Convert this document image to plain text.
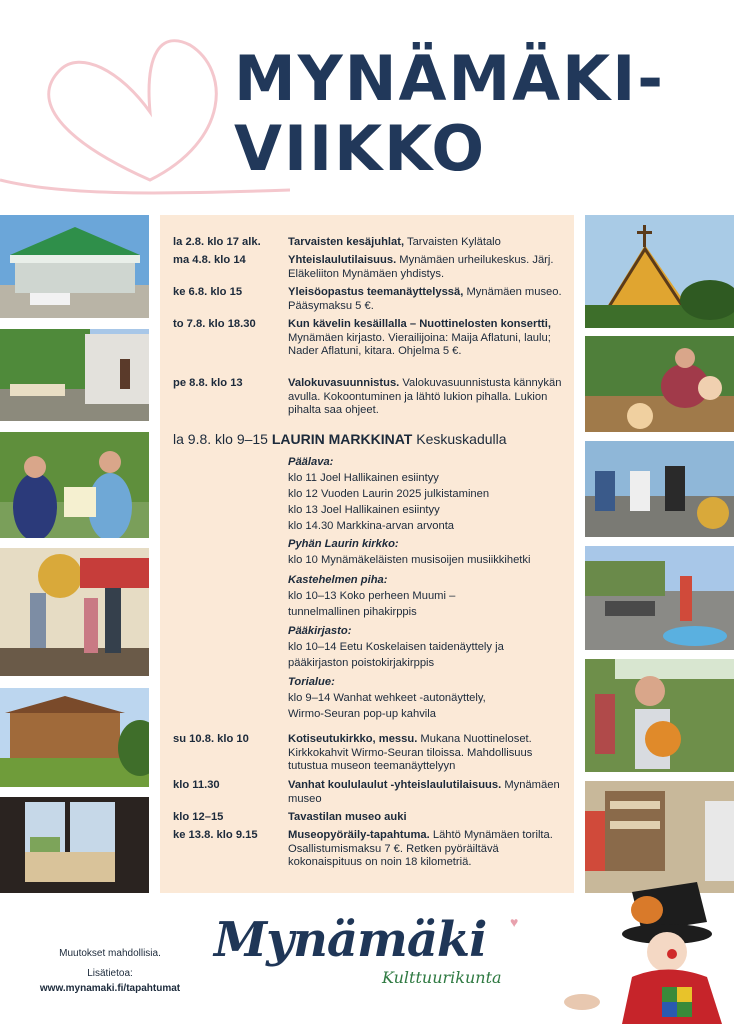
MYNÄMÄKI-
VIIKKO
la 2.8. klo 17 alk.	Tarvaisten kesäjuhlat, Tarvaisten Kylätalo
ma 4.8. klo 14	Yhteislaulutilaisuus. Mynämäen urheilukeskus. Järj. Eläkeliiton Mynämäen yhdistys.
ke 6.8. klo 15	Yleisöopastus teemanäyttelyssä, Mynämäen museo. Pääsymaksu 5 €.
to 7.8. klo 18.30	Kun kävelin kesäillalla – Nuottinelosten konsertti, Mynämäen kirjasto. Vierailijoina: Maija Aflatuni, laulu; Nader Aflatuni, kitara. Ohjelma 5 €.
pe 8.8. klo 13	Valokuvasuunnistus. Valokuvasuunnistusta kännykän avulla. Kokoontuminen ja lähtö lukion pihalla. Lukion pihalta saa ohjeet.
la 9.8. klo 9–15 LAURIN MARKKINAT Keskuskadulla
Päälava:
klo 11 Joel Hallikainen esiintyy
klo 12 Vuoden Laurin 2025 julkistaminen
klo 13 Joel Hallikainen esiintyy
klo 14.30 Markkina-arvan arvonta
Pyhän Laurin kirkko:
klo 10 Mynämäkeläisten musisoijen musiikkihetki
Kastehelmen piha:
klo 10–13 Koko perheen Muumi –
tunnelmallinen pihakirppis
Pääkirjasto:
klo 10–14 Eetu Koskelaisen taidenäyttely ja
pääkirjaston poistokirjakirppis
Torialue:
klo 9–14 Wanhat wehkeet -autonäyttely,
Wirmo-Seuran pop-up kahvila
su 10.8. klo 10	Kotiseutukirkko, messu. Mukana Nuottineloset. Kirkkokahvit Wirmo-Seuran tiloissa. Mahdollisuus tutustua museon teemanäyttelyyn
klo 11.30	Vanhat koululaulut -yhteislaulutilaisuus. Mynämäen museo
klo 12–15	Tavastilan museo auki
ke 13.8. klo 9.15	Museopyöräily-tapahtuma. Lähtö Mynämäen torilta. Osallistumismaksu 7 €. Retken pyöräiltävä kokonaispituus on noin 18 kilometriä.
Muutokset mahdollisia.
Lisätietoa:
www.mynamaki.fi/tapahtumat
Mynämäki ♥
Kulttuurikunta
